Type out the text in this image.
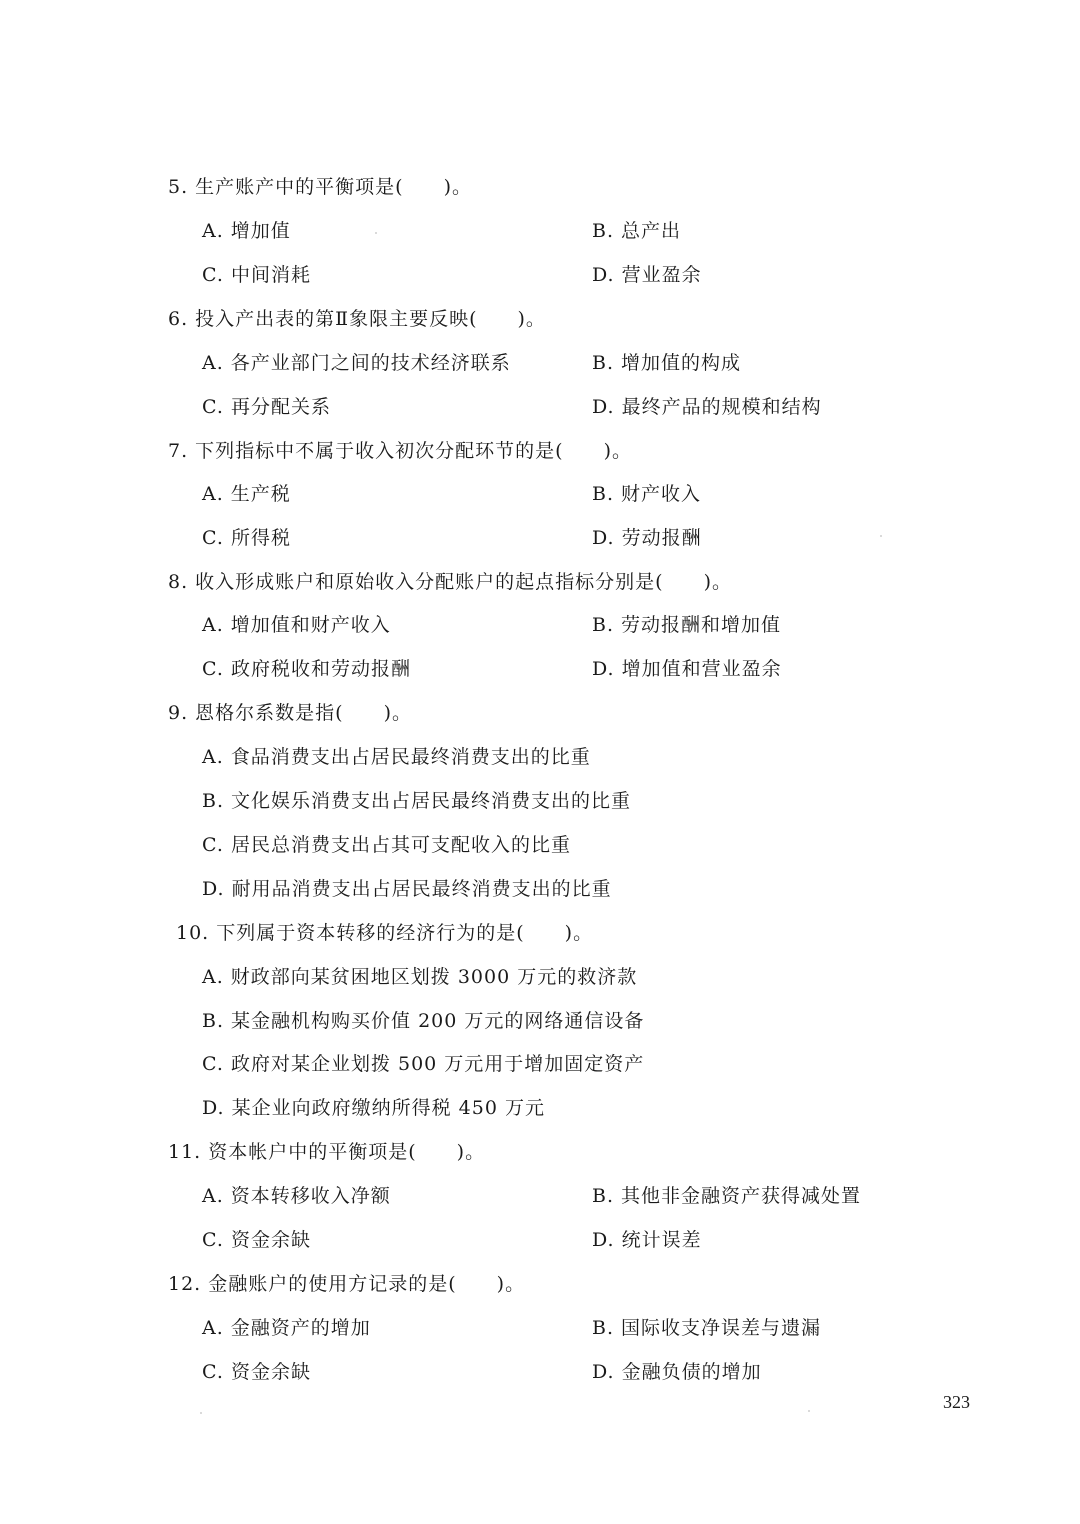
5. 生产账产中的平衡项是(　　)。
A. 增加值	B. 总产出
C. 中间消耗	D. 营业盈余
6. 投入产出表的第Ⅱ象限主要反映(　　)。
A. 各产业部门之间的技术经济联系	B. 增加值的构成
C. 再分配关系	D. 最终产品的规模和结构
7. 下列指标中不属于收入初次分配环节的是(　　)。
A. 生产税	B. 财产收入
C. 所得税	D. 劳动报酬
8. 收入形成账户和原始收入分配账户的起点指标分别是(　　)。
A. 增加值和财产收入	B. 劳动报酬和增加值
C. 政府税收和劳动报酬	D. 增加值和营业盈余
9. 恩格尔系数是指(　　)。
A. 食品消费支出占居民最终消费支出的比重
B. 文化娱乐消费支出占居民最终消费支出的比重
C. 居民总消费支出占其可支配收入的比重
D. 耐用品消费支出占居民最终消费支出的比重
10. 下列属于资本转移的经济行为的是(　　)。
A. 财政部向某贫困地区划拨 3000 万元的救济款
B. 某金融机构购买价值 200 万元的网络通信设备
C. 政府对某企业划拨 500 万元用于增加固定资产
D. 某企业向政府缴纳所得税 450 万元
11. 资本帐户中的平衡项是(　　)。
A. 资本转移收入净额	B. 其他非金融资产获得减处置
C. 资金余缺	D. 统计误差
12. 金融账户的使用方记录的是(　　)。
A. 金融资产的增加	B. 国际收支净误差与遗漏
C. 资金余缺	D. 金融负债的增加
323
